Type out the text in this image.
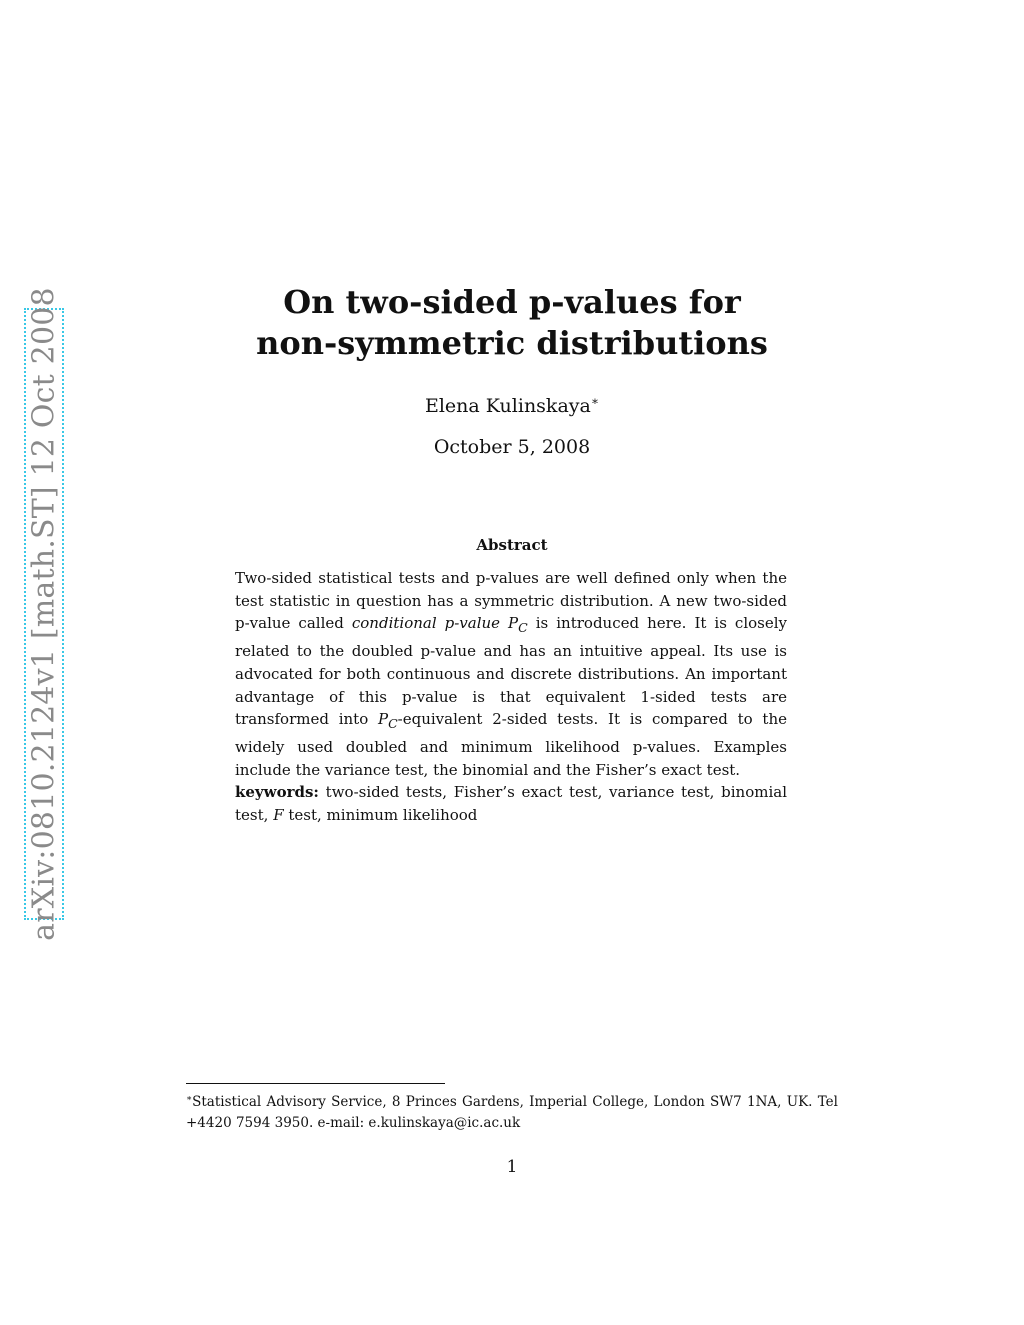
arXiv:0810.2124v1 [math.ST] 12 Oct 2008	On two-sided p-values for
non-symmetric distributions
Elena Kulinskaya∗
October 5, 2008
Abstract
Two-sided statistical tests and p-values are well defined only when the test statistic in question has a symmetric distribution. A new two-sided p-value called conditional p-value $P_C$ is introduced here. It is closely related to the doubled p-value and has an intuitive appeal. Its use is advocated for both continuous and discrete distributions. An important advantage of this p-value is that equivalent 1-sided tests are transformed into $P_C$-equivalent 2-sided tests. It is compared to the widely used doubled and minimum likelihood p-values. Examples include the variance test, the binomial and the Fisher’s exact test.
keywords: two-sided tests, Fisher’s exact test, variance test, binomial test, F test, minimum likelihood
∗Statistical Advisory Service, 8 Princes Gardens, Imperial College, London SW7 1NA, UK. Tel +4420 7594 3950. e-mail: e.kulinskaya@ic.ac.uk
1
